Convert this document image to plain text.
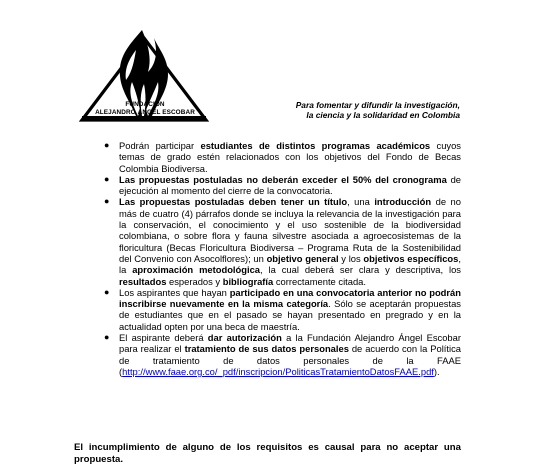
FUNDACIÓN
ALEJANDRO ÁNGEL ESCOBAR
Para fomentar y difundir la investigación,
la ciencia y la solidaridad en Colombia
● Podrán participar estudiantes de distintos programas académicos cuyos temas de grado estén relacionados con los objetivos del Fondo de Becas Colombia Biodiversa.
● Las propuestas postuladas no deberán exceder el 50% del cronograma de ejecución al momento del cierre de la convocatoria.
● Las propuestas postuladas deben tener un título, una introducción de no más de cuatro (4) párrafos donde se incluya la relevancia de la investigación para la conservación, el conocimiento y el uso sostenible de la biodiversidad colombiana, o sobre flora y fauna silvestre asociada a agroecosistemas de la floricultura (Becas Floricultura Biodiversa – Programa Ruta de la Sostenibilidad del Convenio con Asocolflores); un objetivo general y los objetivos específicos, la aproximación metodológica, la cual deberá ser clara y descriptiva, los resultados esperados y bibliografía correctamente citada.
● Los aspirantes que hayan participado en una convocatoria anterior no podrán inscribirse nuevamente en la misma categoría. Sólo se aceptarán propuestas de estudiantes que en el pasado se hayan presentado en pregrado y en la actualidad opten por una beca de maestría.
● El aspirante deberá dar autorización a la Fundación Alejandro Ángel Escobar para realizar el tratamiento de sus datos personales de acuerdo con la Política de tratamiento de datos personales de la FAAE (http://www.faae.org.co/_pdf/inscripcion/PoliticasTratamientoDatosFAAE.pdf).
El incumplimiento de alguno de los requisitos es causal para no aceptar una propuesta.
